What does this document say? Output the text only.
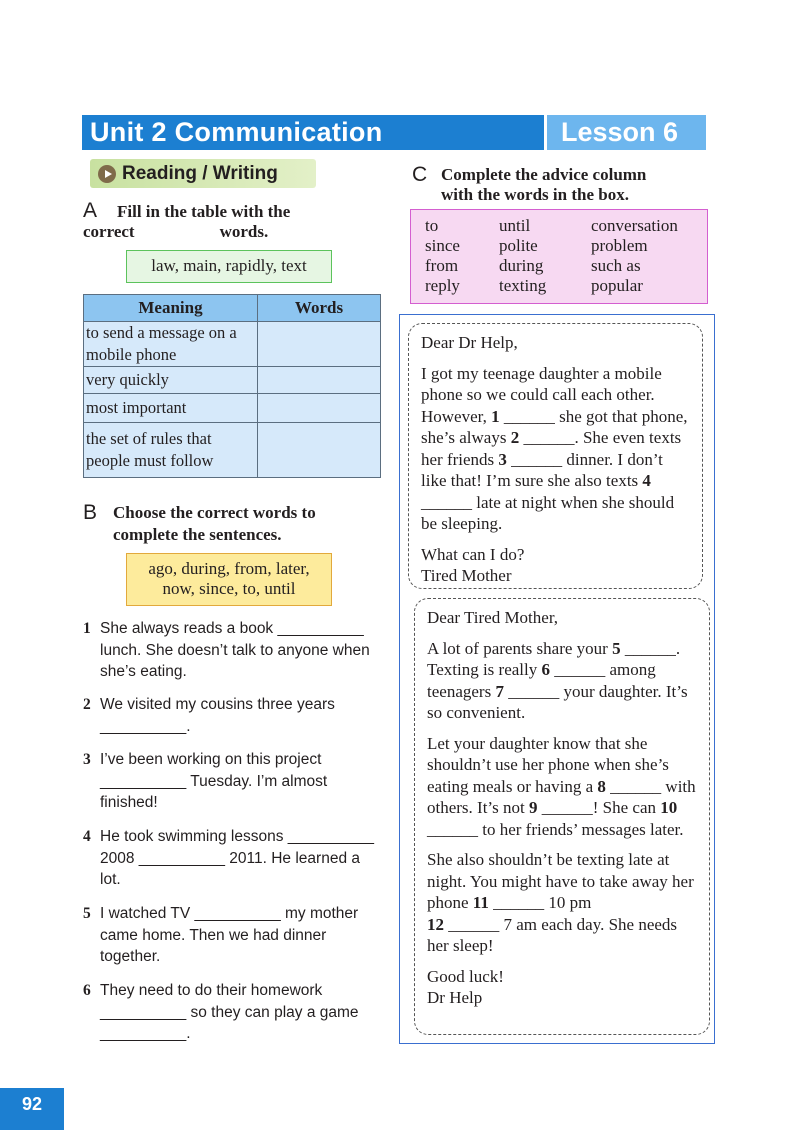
Unit 2 Communication	Lesson 6
Reading / Writing
A Fill in the table with the
correct                    words.
law, main, rapidly, text
Meaning	Words
to send a message on a mobile phone	
very quickly	
most important	
the set of rules that people must follow	
B Choose the correct words to
complete the sentences.
ago, during, from, later,
now, since, to, until
1 She always reads a book __________ lunch. She doesn’t talk to anyone when she’s eating.
2 We visited my cousins three years __________.
3 I’ve been working on this project __________ Tuesday. I’m almost finished!
4 He took swimming lessons __________ 2008 __________ 2011. He learned a lot.
5 I watched TV __________ my mother came home. Then we had dinner together.
6 They need to do their homework __________ so they can play a game __________.
C Complete the advice column
with the words in the box.
to	until	conversation
since	polite	problem
from	during	such as
reply	texting	popular

Dear Dr Help,

I got my teenage daughter a mobile phone so we could call each other. However, 1 ______ she got that phone, she’s always 2 ______. She even texts her friends 3 ______ dinner. I don’t like that! I’m sure she also texts 4 ______ late at night when she should be sleeping.

What can I do?

Tired Mother

Dear Tired Mother,

A lot of parents share your 5 ______. Texting is really 6 ______ among teenagers 7 ______ your daughter. It’s so convenient.

Let your daughter know that she shouldn’t use her phone when she’s eating meals or having a 8 ______ with others. It’s not 9 ______! She can 10 ______ to her friends’ messages later.

She also shouldn’t be texting late at night. You might have to take away her phone 11 ______ 10 pm
12 ______ 7 am each day. She needs her sleep!

Good luck!

Dr Help

92
